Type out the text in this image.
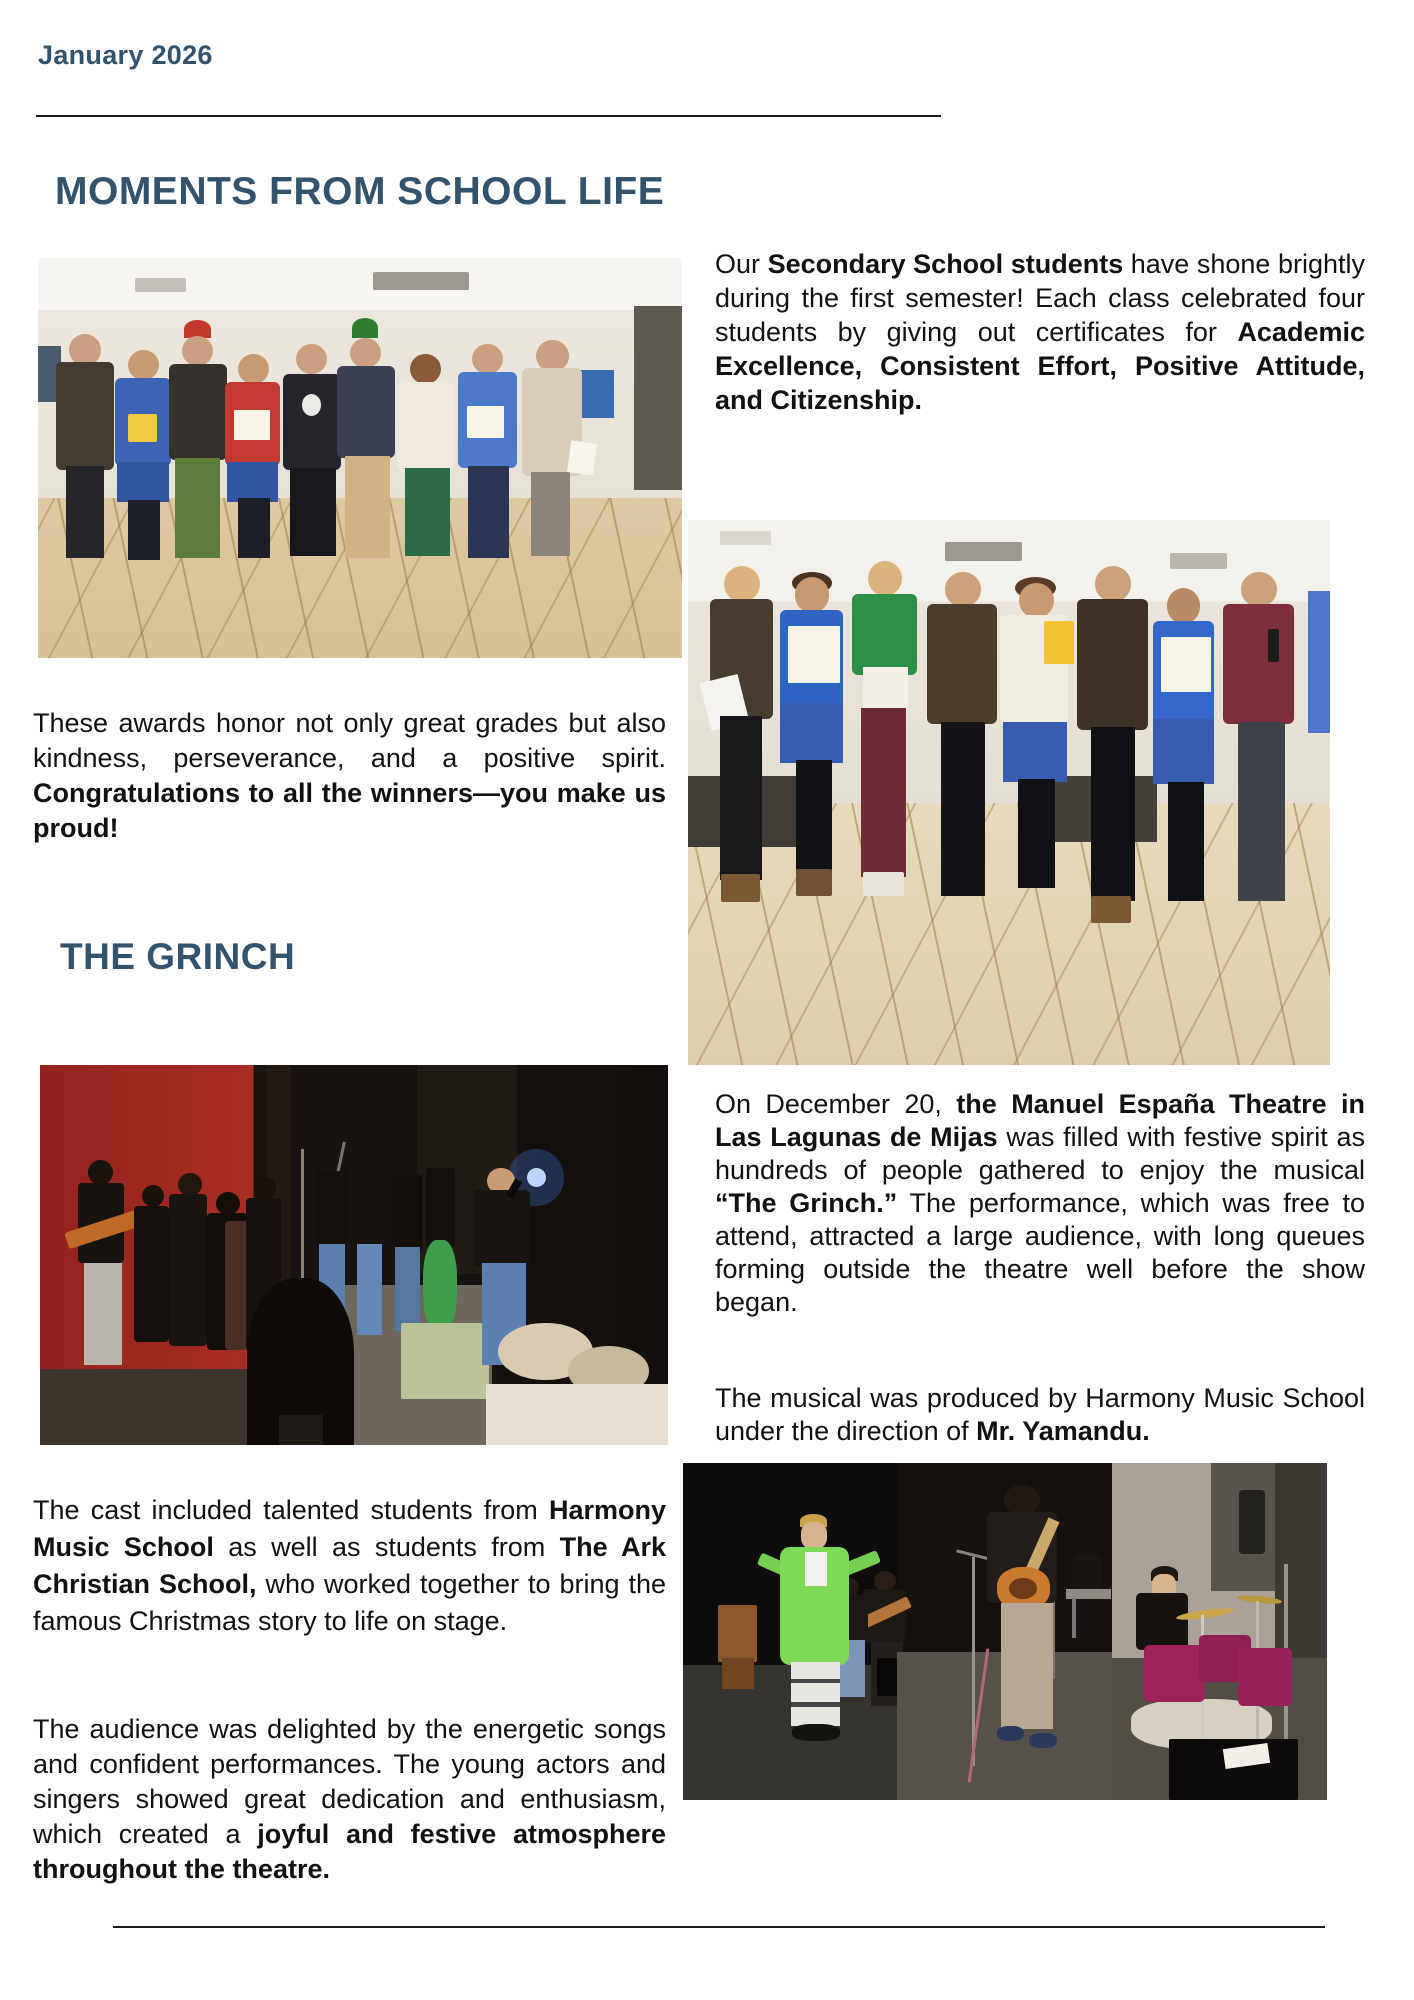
January 2026
MOMENTS FROM SCHOOL LIFE

Our Secondary School students have shone brightly during the first semester! Each class celebrated four students by giving out certificates for Academic Excellence, Consistent Effort, Positive Attitude, and Citizenship.

These awards honor not only great grades but also kindness, perseverance, and a positive spirit. Congratulations to all the winners—you make us proud!

THE GRINCH

On December 20, the Manuel España Theatre in Las Lagunas de Mijas was filled with festive spirit as hundreds of people gathered to enjoy the musical “The Grinch.” The performance, which was free to attend, attracted a large audience, with long queues forming outside the theatre well before the show began.

The musical was produced by Harmony Music School under the direction of Mr. Yamandu.

The cast included talented students from Harmony Music School as well as students from The Ark Christian School, who worked together to bring the famous Christmas story to life on stage.

The audience was delighted by the energetic songs and confident performances. The young actors and singers showed great dedication and enthusiasm, which created a joyful and festive atmosphere throughout the theatre.
